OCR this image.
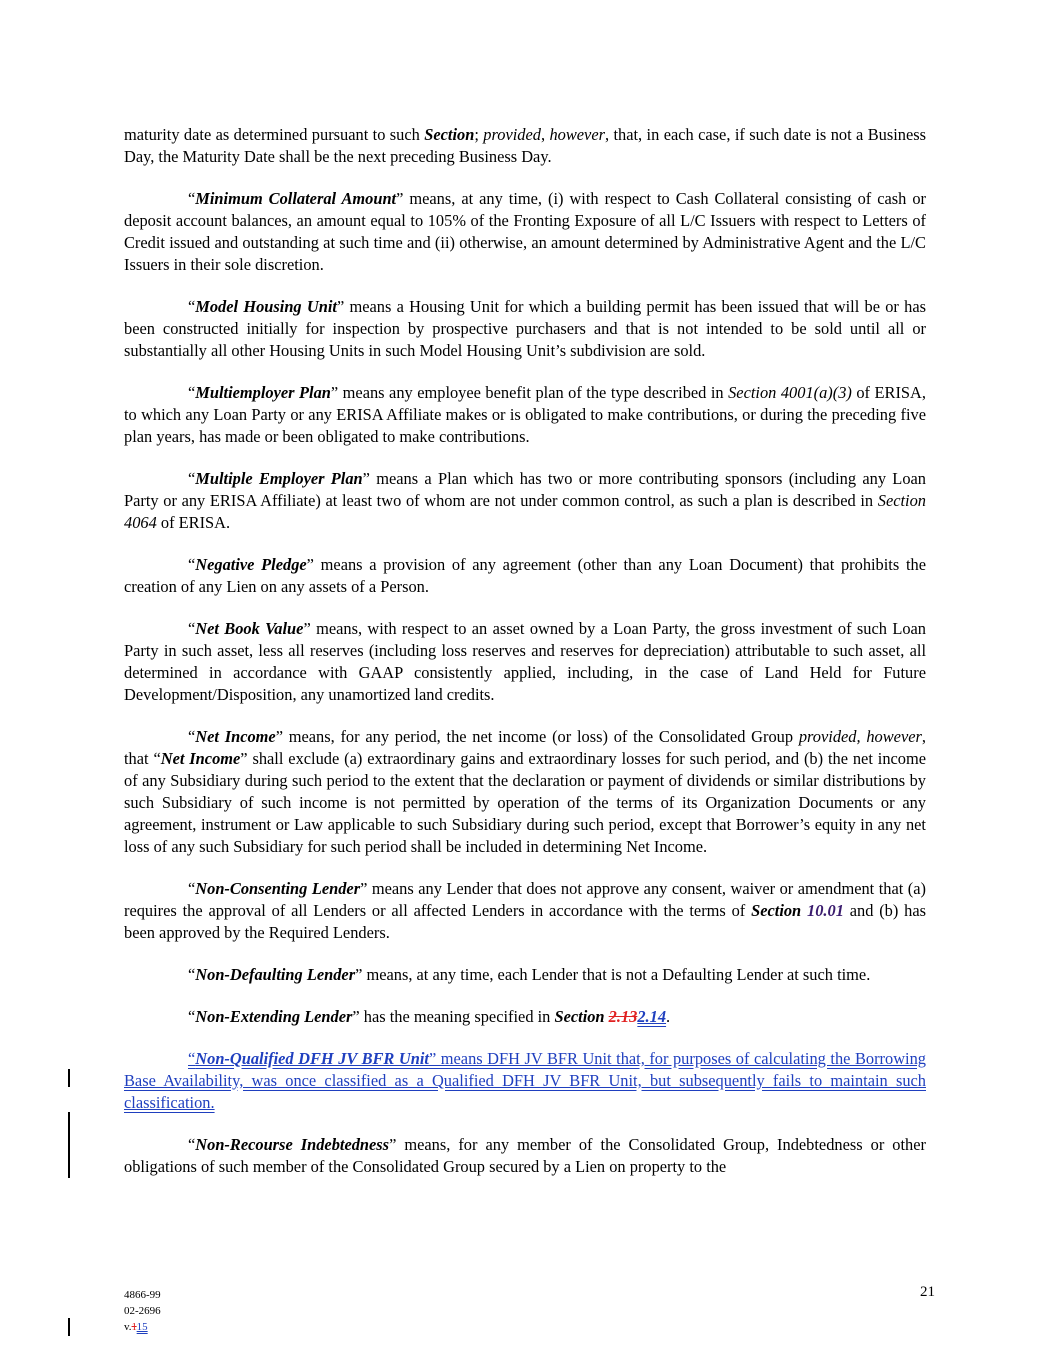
maturity date as determined pursuant to such Section; provided, however, that, in each case, if such date is not a Business Day, the Maturity Date shall be the next preceding Business Day.

“Minimum Collateral Amount” means, at any time, (i) with respect to Cash Collateral consisting of cash or deposit account balances, an amount equal to 105% of the Fronting Exposure of all L/C Issuers with respect to Letters of Credit issued and outstanding at such time and (ii) otherwise, an amount determined by Administrative Agent and the L/C Issuers in their sole discretion.

“Model Housing Unit” means a Housing Unit for which a building permit has been issued that will be or has been constructed initially for inspection by prospective purchasers and that is not intended to be sold until all or substantially all other Housing Units in such Model Housing Unit’s subdivision are sold.

“Multiemployer Plan” means any employee benefit plan of the type described in Section 4001(a)(3) of ERISA, to which any Loan Party or any ERISA Affiliate makes or is obligated to make contributions, or during the preceding five plan years, has made or been obligated to make contributions.

“Multiple Employer Plan” means a Plan which has two or more contributing sponsors (including any Loan Party or any ERISA Affiliate) at least two of whom are not under common control, as such a plan is described in Section 4064 of ERISA.

“Negative Pledge” means a provision of any agreement (other than any Loan Document) that prohibits the creation of any Lien on any assets of a Person.

“Net Book Value” means, with respect to an asset owned by a Loan Party, the gross investment of such Loan Party in such asset, less all reserves (including loss reserves and reserves for depreciation) attributable to such asset, all determined in accordance with GAAP consistently applied, including, in the case of Land Held for Future Development/Disposition, any unamortized land credits.

“Net Income” means, for any period, the net income (or loss) of the Consolidated Group provided, however, that “Net Income” shall exclude (a) extraordinary gains and extraordinary losses for such period, and (b) the net income of any Subsidiary during such period to the extent that the declaration or payment of dividends or similar distributions by such Subsidiary of such income is not permitted by operation of the terms of its Organization Documents or any agreement, instrument or Law applicable to such Subsidiary during such period, except that Borrower’s equity in any net loss of any such Subsidiary for such period shall be included in determining Net Income.

“Non-Consenting Lender” means any Lender that does not approve any consent, waiver or amendment that (a) requires the approval of all Lenders or all affected Lenders in accordance with the terms of Section 10.01 and (b) has been approved by the Required Lenders.

“Non-Defaulting Lender” means, at any time, each Lender that is not a Defaulting Lender at such time.

“Non-Extending Lender” has the meaning specified in Section 2.132.14.

“Non-Qualified DFH JV BFR Unit” means DFH JV BFR Unit that, for purposes of calculating the Borrowing Base Availability, was once classified as a Qualified DFH JV BFR Unit, but subsequently fails to maintain such classification.

“Non-Recourse Indebtedness” means, for any member of the Consolidated Group, Indebtedness or other obligations of such member of the Consolidated Group secured by a Lien on property to the

4866-99
02-2696
v.115
21
